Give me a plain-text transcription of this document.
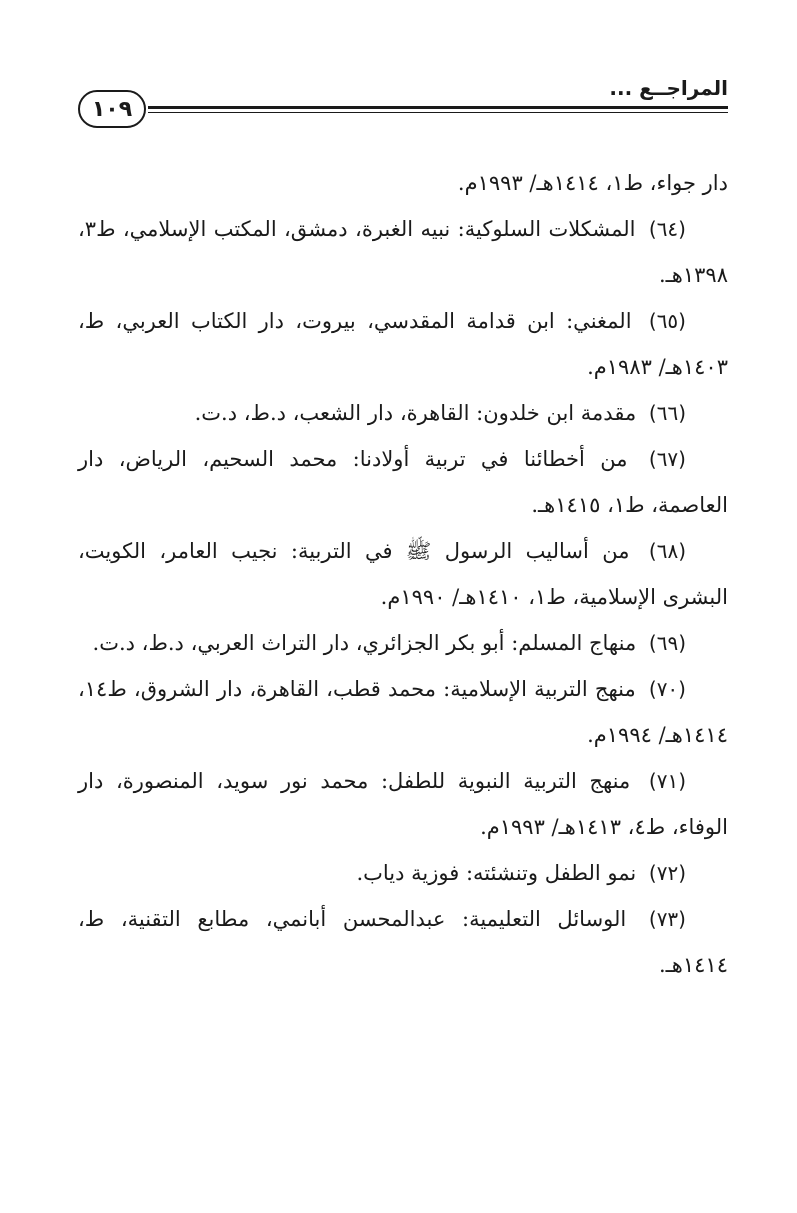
المراجــع ...
١٠٩

دار جواء، ط١، ١٤١٤هـ/ ١٩٩٣م.

(٦٤) المشكلات السلوكية: نبيه الغبرة، دمشق، المكتب الإسلامي، ط٣، ١٣٩٨هـ.

(٦٥) المغني: ابن قدامة المقدسي، بيروت، دار الكتاب العربي، ط، ١٤٠٣هـ/ ١٩٨٣م.

(٦٦) مقدمة ابن خلدون: القاهرة، دار الشعب، د.ط، د.ت.

(٦٧) من أخطائنا في تربية أولادنا: محمد السحيم، الرياض، دار العاصمة، ط١، ١٤١٥هـ.

(٦٨) من أساليب الرسول ﷺ في التربية: نجيب العامر، الكويت، البشرى الإسلامية، ط١، ١٤١٠هـ/ ١٩٩٠م.

(٦٩) منهاج المسلم: أبو بكر الجزائري، دار التراث العربي، د.ط، د.ت.

(٧٠) منهج التربية الإسلامية: محمد قطب، القاهرة، دار الشروق، ط١٤، ١٤١٤هـ/ ١٩٩٤م.

(٧١) منهج التربية النبوية للطفل: محمد نور سويد، المنصورة، دار الوفاء، ط٤، ١٤١٣هـ/ ١٩٩٣م.

(٧٢) نمو الطفل وتنشئته: فوزية دياب.

(٧٣) الوسائل التعليمية: عبدالمحسن أبانمي، مطابع التقنية، ط، ١٤١٤هـ.
